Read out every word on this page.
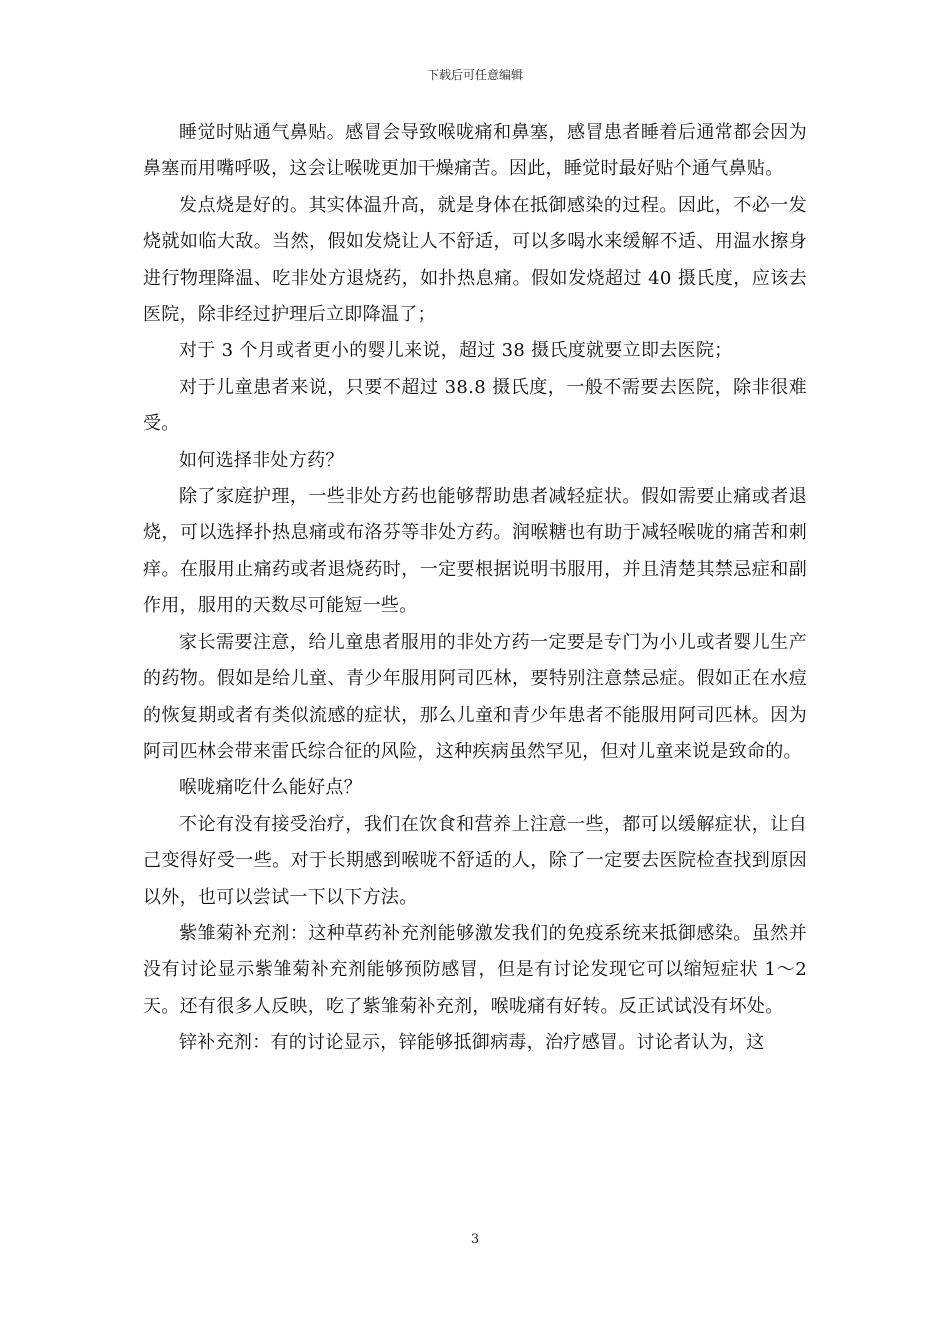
下载后可任意编辑

睡觉时贴通气鼻贴。感冒会导致喉咙痛和鼻塞，感冒患者睡着后通常都会因为鼻塞而用嘴呼吸，这会让喉咙更加干燥痛苦。因此，睡觉时最好贴个通气鼻贴。

发点烧是好的。其实体温升高，就是身体在抵御感染的过程。因此，不必一发烧就如临大敌。当然，假如发烧让人不舒适，可以多喝水来缓解不适、用温水擦身进行物理降温、吃非处方退烧药，如扑热息痛。假如发烧超过 40 摄氏度，应该去医院，除非经过护理后立即降温了；

对于 3 个月或者更小的婴儿来说，超过 38 摄氏度就要立即去医院；

对于儿童患者来说，只要不超过 38.8 摄氏度，一般不需要去医院，除非很难受。

如何选择非处方药？

除了家庭护理，一些非处方药也能够帮助患者减轻症状。假如需要止痛或者退烧，可以选择扑热息痛或布洛芬等非处方药。润喉糖也有助于减轻喉咙的痛苦和刺痒。在服用止痛药或者退烧药时，一定要根据说明书服用，并且清楚其禁忌症和副作用，服用的天数尽可能短一些。

家长需要注意，给儿童患者服用的非处方药一定要是专门为小儿或者婴儿生产的药物。假如是给儿童、青少年服用阿司匹林，要特别注意禁忌症。假如正在水痘的恢复期或者有类似流感的症状，那么儿童和青少年患者不能服用阿司匹林。因为阿司匹林会带来雷氏综合征的风险，这种疾病虽然罕见，但对儿童来说是致命的。

喉咙痛吃什么能好点？

不论有没有接受治疗，我们在饮食和营养上注意一些，都可以缓解症状，让自己变得好受一些。对于长期感到喉咙不舒适的人，除了一定要去医院检查找到原因以外，也可以尝试一下以下方法。

紫雏菊补充剂：这种草药补充剂能够激发我们的免疫系统来抵御感染。虽然并没有讨论显示紫雏菊补充剂能够预防感冒，但是有讨论发现它可以缩短症状 1～2 天。还有很多人反映，吃了紫雏菊补充剂，喉咙痛有好转。反正试试没有坏处。

锌补充剂：有的讨论显示，锌能够抵御病毒，治疗感冒。讨论者认为，这

3
